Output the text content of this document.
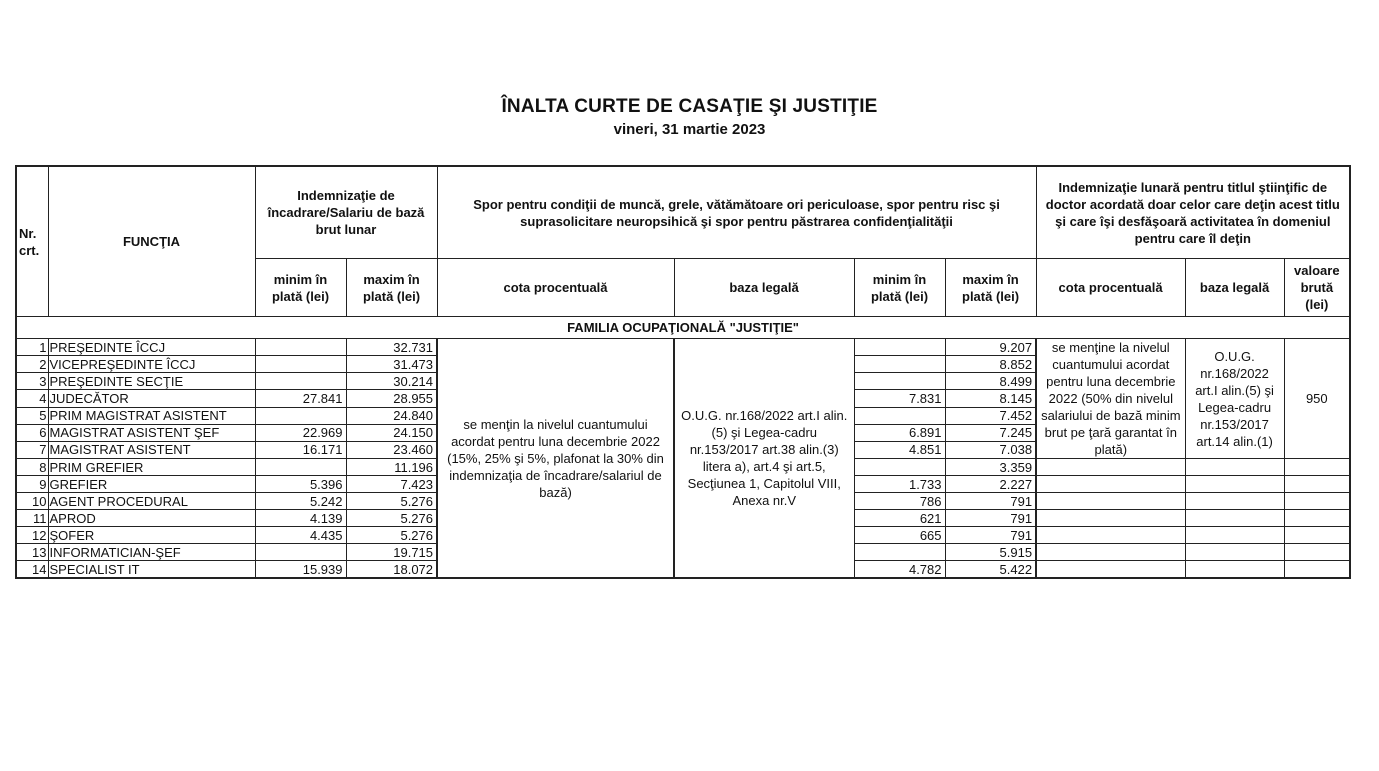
ÎNALTA CURTE DE CASAŢIE ŞI JUSTIŢIE
vineri, 31 martie 2023
Nr. crt.	FUNCŢIA	Indemnizaţie de încadrare/Salariu de bază brut lunar		Spor pentru condiţii de muncă, grele, vătămătoare ori periculoase, spor pentru risc şi suprasolicitare neuropsihică şi spor pentru păstrarea confidenţialităţii				Indemnizaţie lunară pentru titlul ştiinţific de doctor acordată doar celor care deţin acest titlu şi care îşi desfăşoară activitatea în domeniul pentru care îl deţin		
		minim în plată (lei)	maxim în plată (lei)	cota procentuală	baza legală	minim în plată (lei)	maxim în plată (lei)	cota procentuală	baza legală	valoare brută (lei)
FAMILIA OCUPAŢIONALĂ "JUSTIŢIE"										
1	PREŞEDINTE ÎCCJ		32.731	se menţin la nivelul cuantumului acordat pentru luna decembrie 2022 (15%, 25% şi 5%, plafonat la 30% din indemnizaţia de încadrare/salariul de bază)	O.U.G. nr.168/2022 art.I alin.(5) şi Legea-cadru nr.153/2017 art.38 alin.(3) litera a), art.4 şi art.5, Secţiunea 1, Capitolul VIII, Anexa nr.V		9.207	se menţine la nivelul cuantumului acordat pentru luna decembrie 2022 (50% din nivelul salariului de bază minim brut pe ţară garantat în plată)	O.U.G. nr.168/2022 art.I alin.(5) şi Legea-cadru nr.153/2017 art.14 alin.(1)	950
2	VICEPREŞEDINTE ÎCCJ		31.473				8.852			
3	PREŞEDINTE SECŢIE		30.214				8.499			
4	JUDECĂTOR	27.841	28.955			7.831	8.145			
5	PRIM MAGISTRAT ASISTENT		24.840				7.452			
6	MAGISTRAT ASISTENT ŞEF	22.969	24.150			6.891	7.245			
7	MAGISTRAT ASISTENT	16.171	23.460			4.851	7.038			
8	PRIM GREFIER		11.196				3.359			
9	GREFIER	5.396	7.423			1.733	2.227			
10	AGENT PROCEDURAL	5.242	5.276			786	791			
11	APROD	4.139	5.276			621	791			
12	ŞOFER	4.435	5.276			665	791			
13	INFORMATICIAN-ŞEF		19.715				5.915			
14	SPECIALIST IT	15.939	18.072			4.782	5.422			
